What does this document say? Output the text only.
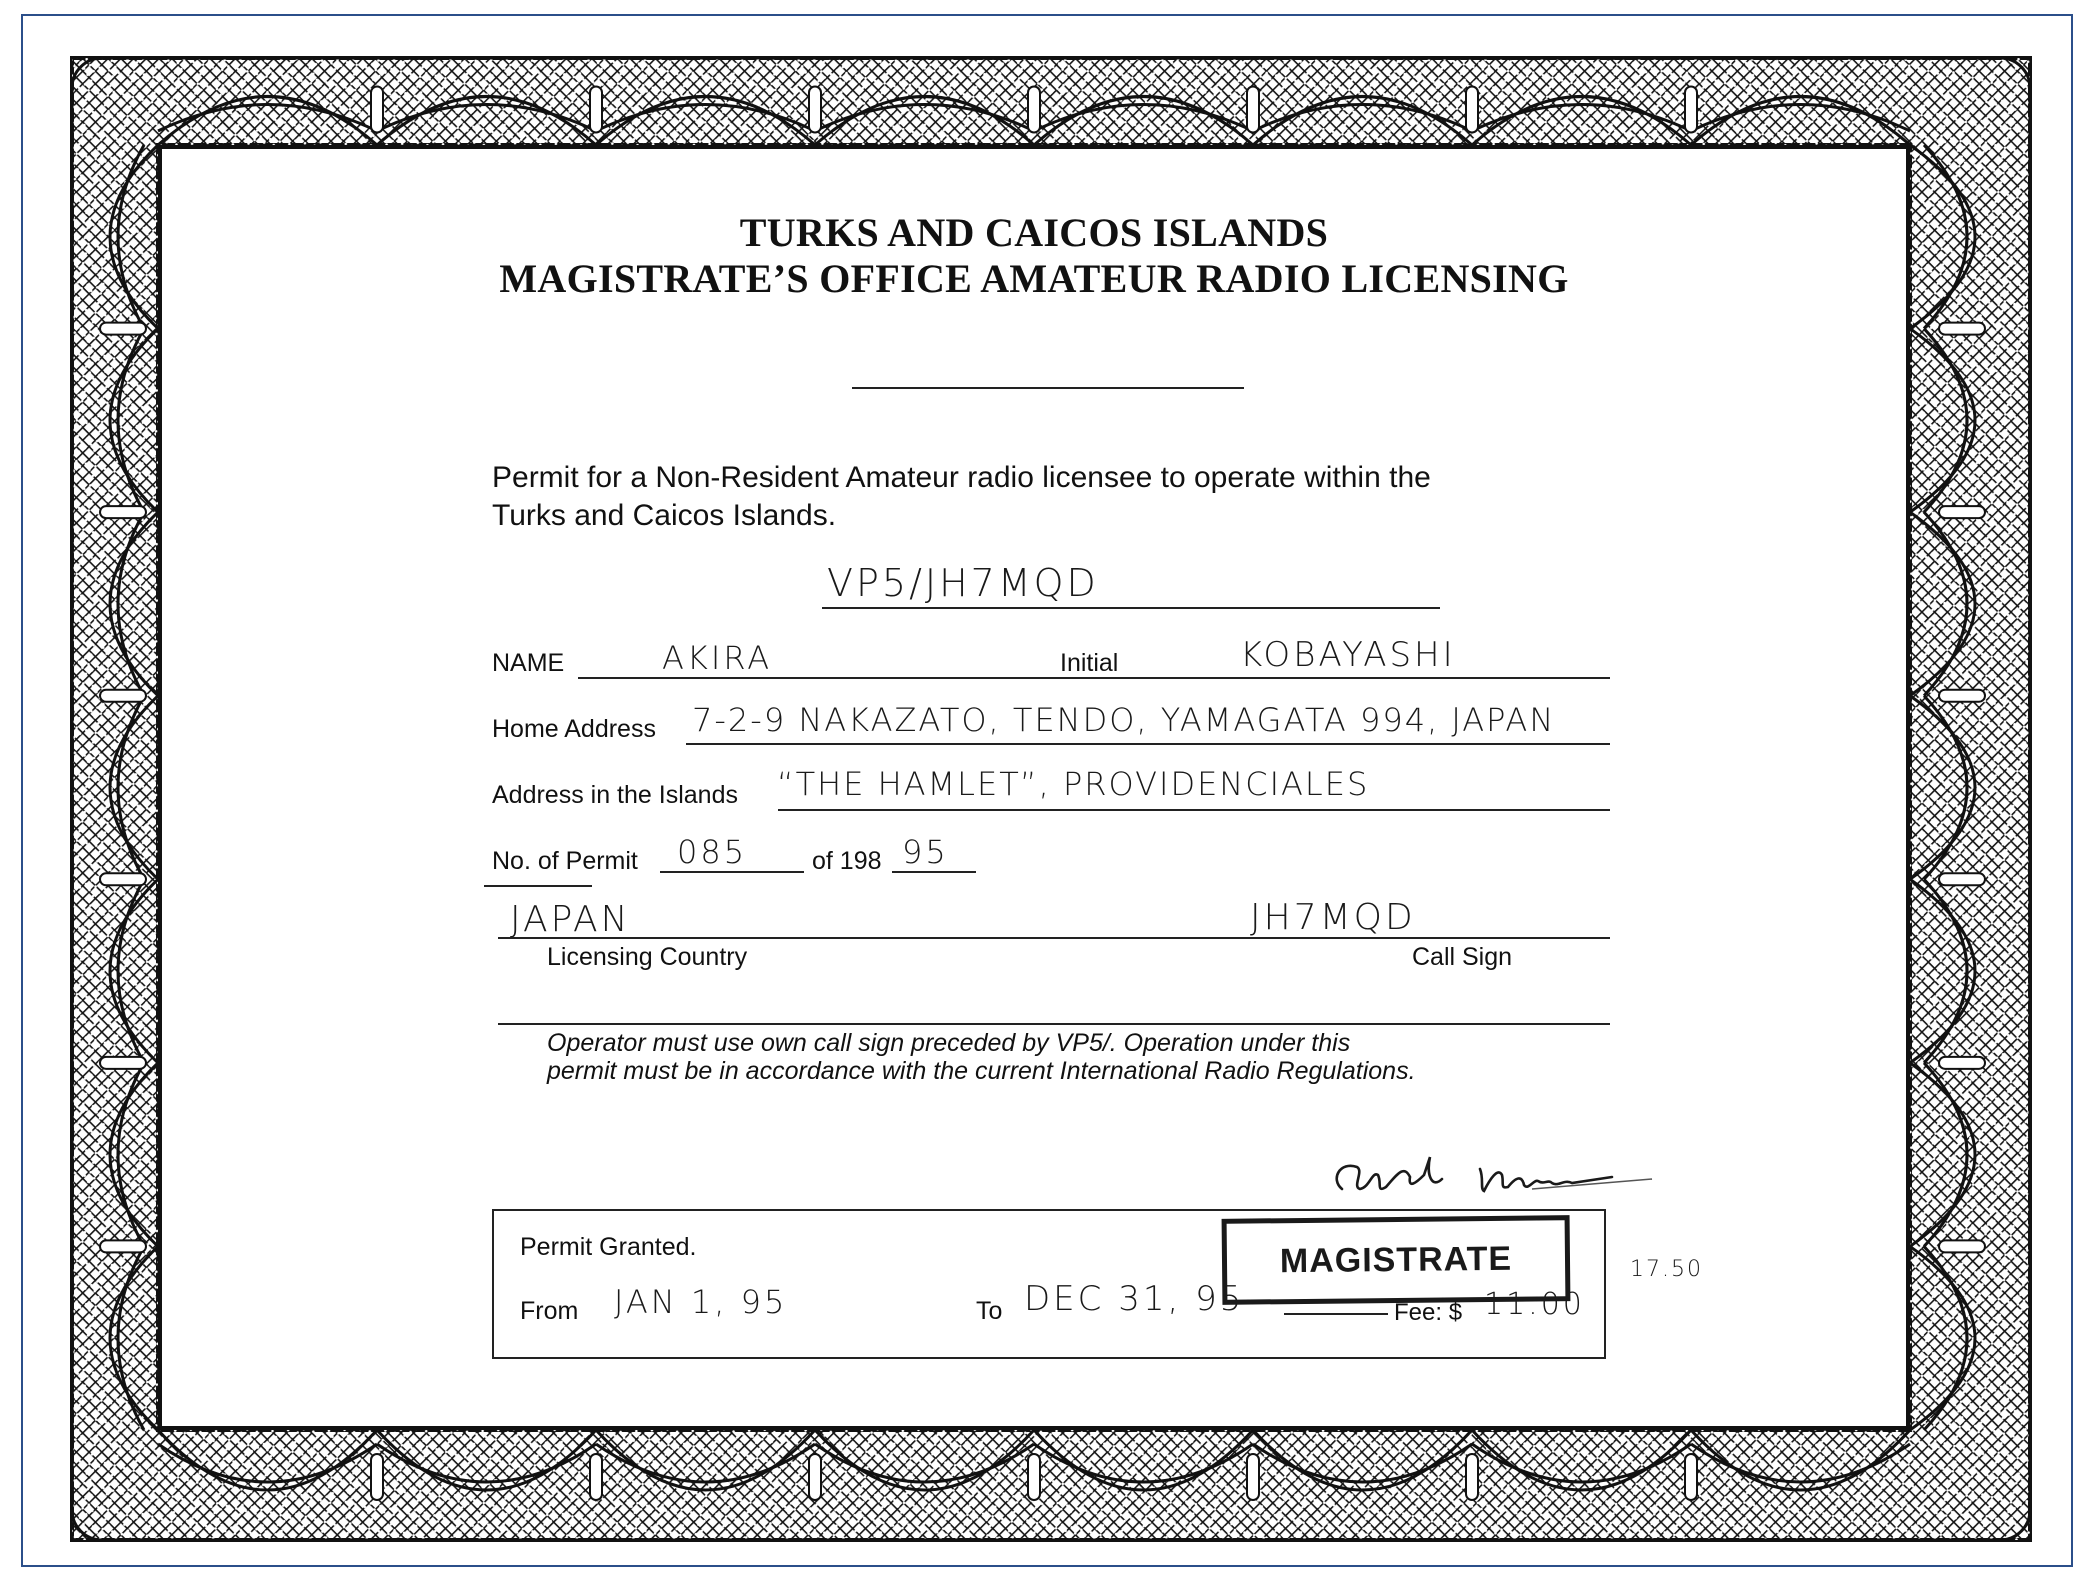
TURKS AND CAICOS ISLANDS
MAGISTRATE’S OFFICE AMATEUR RADIO LICENSING
Permit for a Non-Resident Amateur radio licensee to operate within the
Turks and Caicos Islands.
VP5/JH7MQD
NAME	AKIRA	Initial	KOBAYASHI
Home Address 7-2-9 NAKAZATO, TENDO, YAMAGATA 994, JAPAN
Address in the Islands “THE HAMLET”, PROVIDENCIALES
No. of Permit 085	of 198 95
JAPAN	JH7MQD
Licensing Country	Call Sign
Operator must use own call sign preceded by VP5/. Operation under this
permit must be in accordance with the current International Radio Regulations.
Permit Granted.
From JAN 1, 95	To DEC 31, 95	Fee: $ 11.00
MAGISTRATE	17.50
